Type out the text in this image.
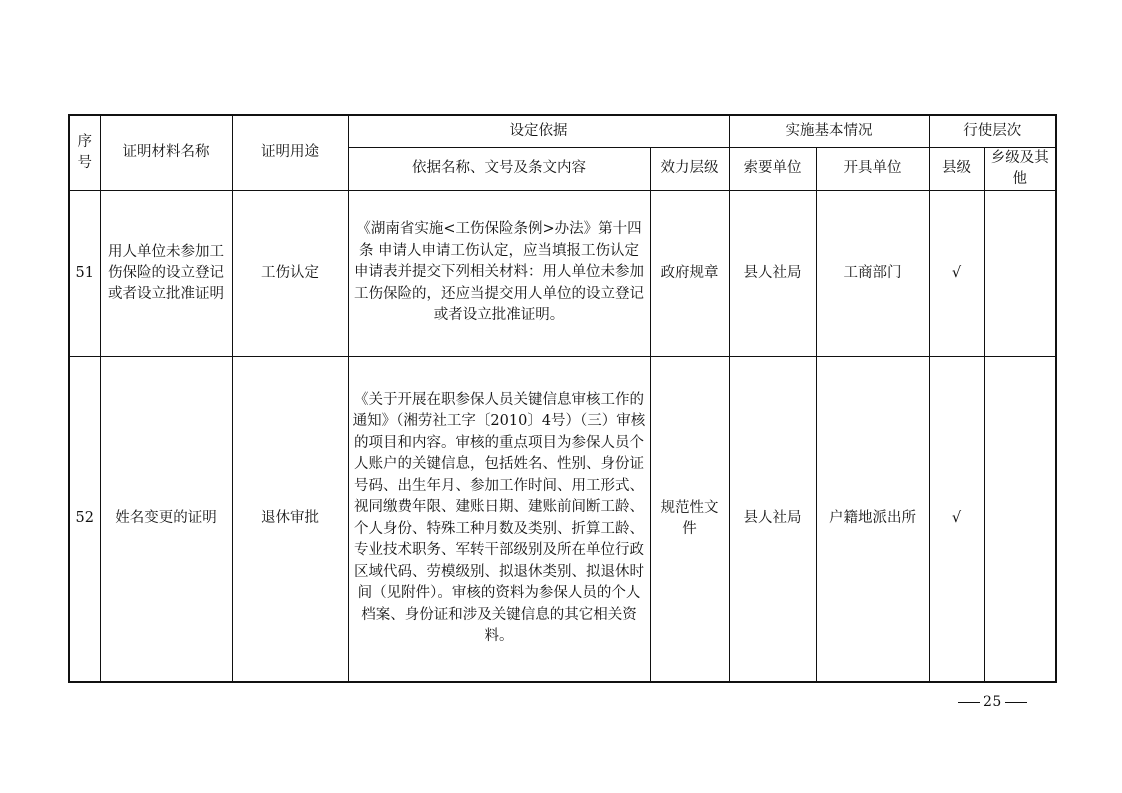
序号	证明材料名称	证明用途	设定依据		实施基本情况		行使层次	
			依据名称、文号及条文内容	效力层级	索要单位	开具单位	县级	乡级及其他
51	用人单位未参加工伤保险的设立登记或者设立批准证明	工伤认定	《湖南省实施<工伤保险条例>办法》第十四条 申请人申请工伤认定，应当填报工伤认定申请表并提交下列相关材料：用人单位未参加工伤保险的，还应当提交用人单位的设立登记或者设立批准证明。	政府规章	县人社局	工商部门	√	
52	姓名变更的证明	退休审批	《关于开展在职参保人员关键信息审核工作的通知》（湘劳社工字〔2010〕4号）（三）审核的项目和内容。审核的重点项目为参保人员个人账户的关键信息，包括姓名、性别、身份证号码、出生年月、参加工作时间、用工形式、视同缴费年限、建账日期、建账前间断工龄、个人身份、特殊工种月数及类别、折算工龄、专业技术职务、军转干部级别及所在单位行政区域代码、劳模级别、拟退休类别、拟退休时间（见附件）。审核的资料为参保人员的个人档案、身份证和涉及关键信息的其它相关资料。	规范性文件	县人社局	户籍地派出所	√	
25
